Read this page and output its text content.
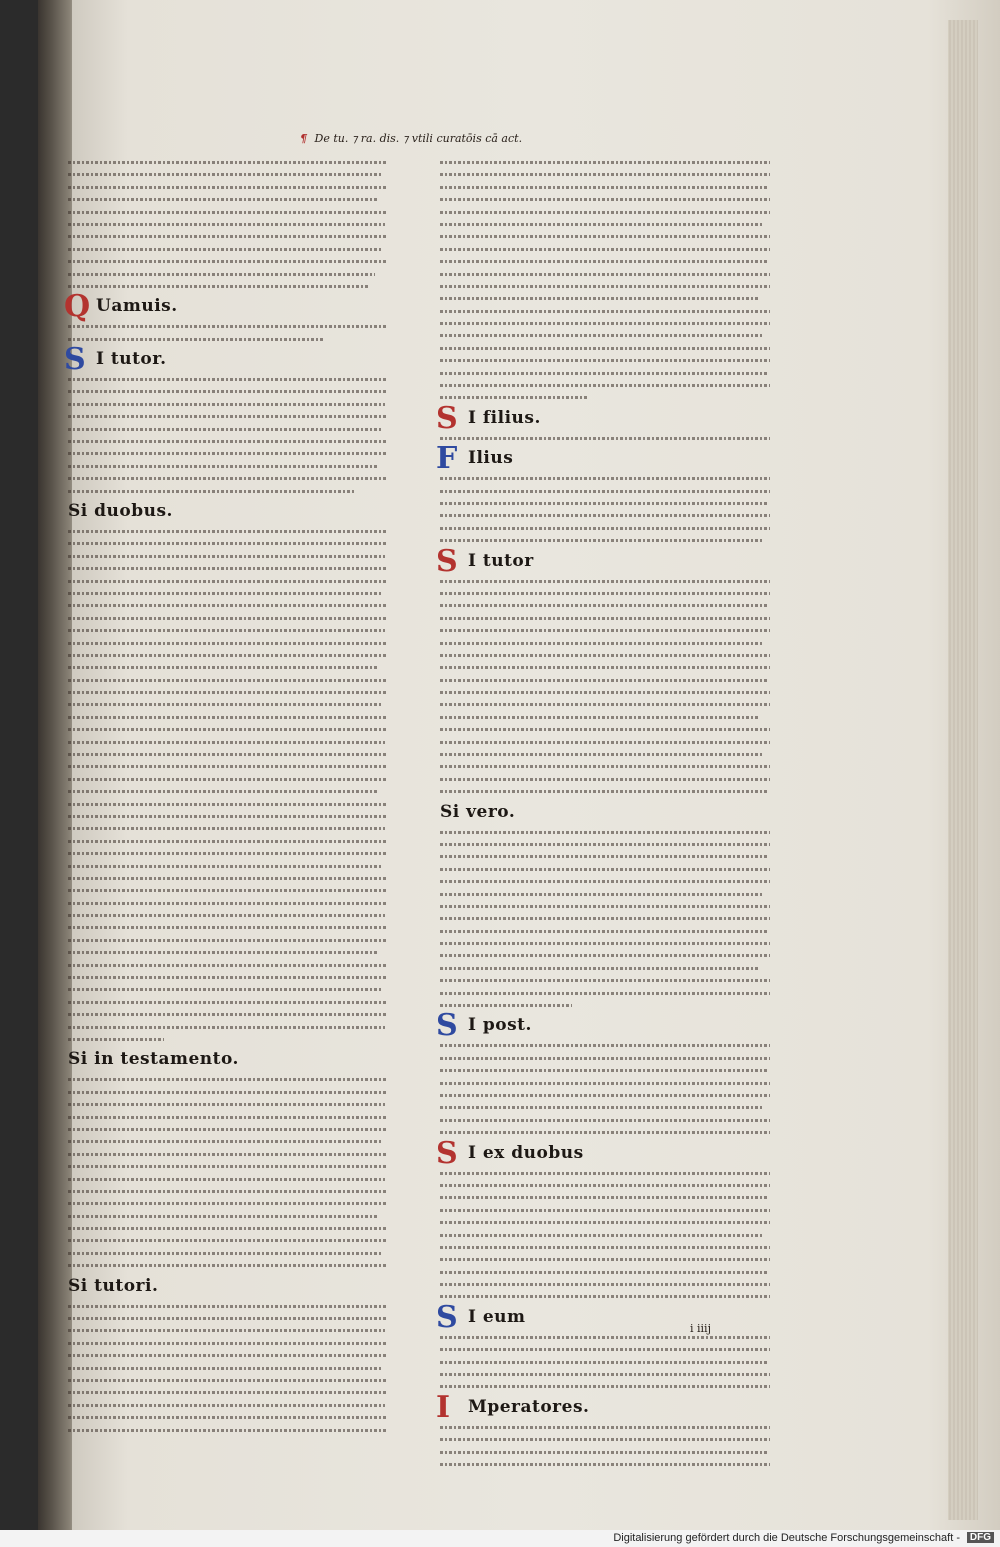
¶ De tu. ⁊ ra. dis. ⁊ vtili curatōis cā act.
Q Uamuis.
S I tutor.
Si duobus.
Si in testamento.
Si tutori.
S I filius.
F Ilius
S I tutor
Si vero.
S I post.
S I ex duobus
S I eum
I	Mperatores.
i iiij
Digitalisierung gefördert durch die Deutsche Forschungsgemeinschaft - DFG
